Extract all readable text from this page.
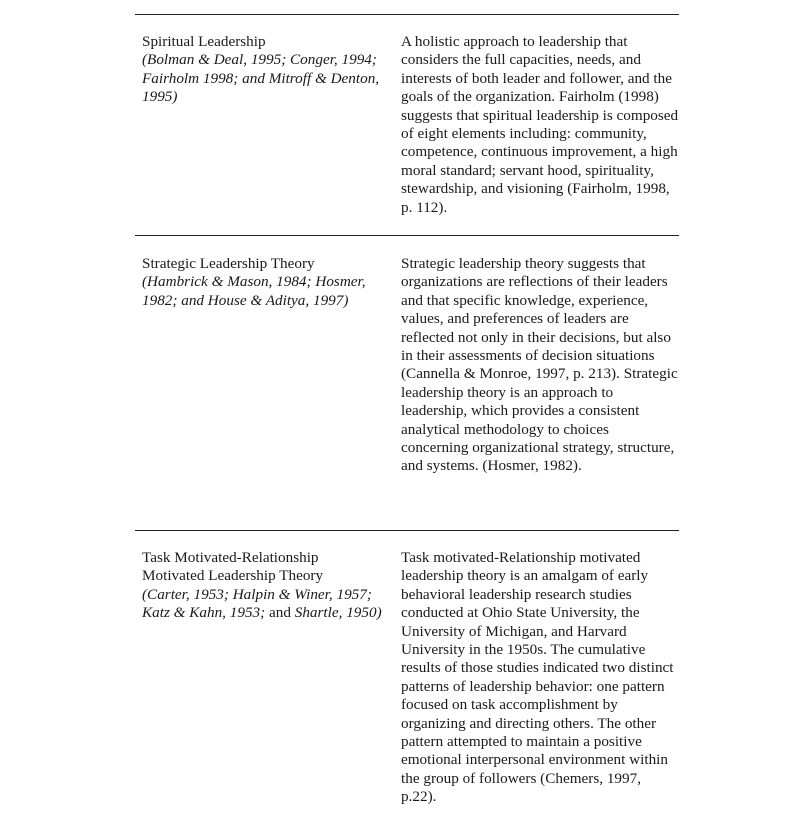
Spiritual Leadership

(Bolman & Deal, 1995; Conger, 1994; Fairholm 1998; and Mitroff & Denton, 1995)

A holistic approach to leadership that considers the full capacities, needs, and interests of both leader and follower, and the goals of the organization. Fairholm (1998) suggests that spiritual leadership is composed of eight elements including: community, competence, continuous improvement, a high moral standard; servant hood, spirituality, stewardship, and visioning (Fairholm, 1998, p. 112).

Strategic Leadership Theory

(Hambrick & Mason, 1984; Hosmer, 1982; and House & Aditya, 1997)

Strategic leadership theory suggests that organizations are reflections of their leaders and that specific knowledge, experience, values, and preferences of leaders are reflected not only in their decisions, but also in their assessments of decision situations (Cannella & Monroe, 1997, p. 213). Strategic leadership theory is an approach to leadership, which provides a consistent analytical methodology to choices concerning organizational strategy, structure, and systems. (Hosmer, 1982).

Task Motivated-Relationship Motivated Leadership Theory

(Carter, 1953; Halpin & Winer, 1957; Katz & Kahn, 1953; and Shartle, 1950)

Task motivated-Relationship motivated leadership theory is an amalgam of early behavioral leadership research studies conducted at Ohio State University, the University of Michigan, and Harvard University in the 1950s. The cumulative results of those studies indicated two distinct patterns of leadership behavior: one pattern focused on task accomplishment by organizing and directing others. The other pattern attempted to maintain a positive emotional interpersonal environment within the group of followers (Chemers, 1997, p.22).
